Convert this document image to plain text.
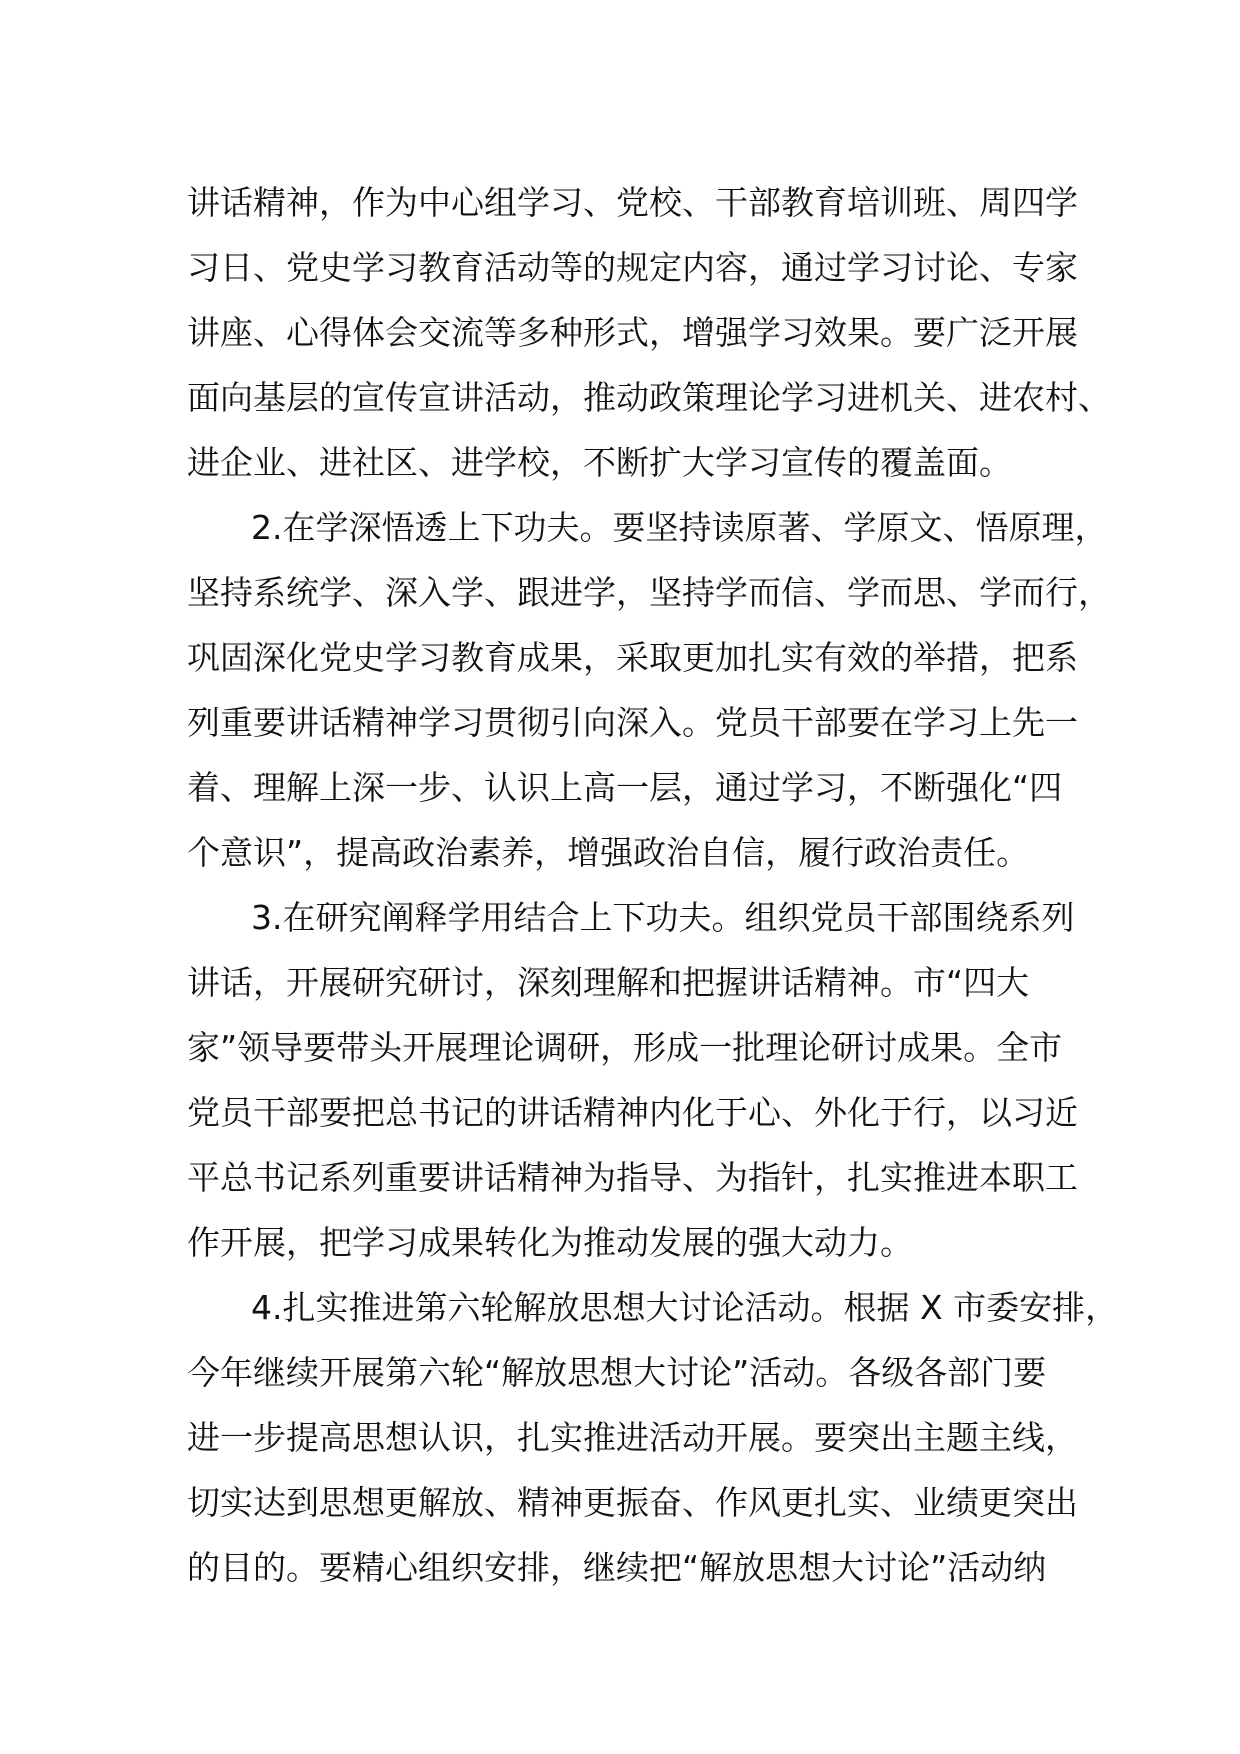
讲话精神，作为中心组学习、党校、干部教育培训班、周四学
习日、党史学习教育活动等的规定内容，通过学习讨论、专家
讲座、心得体会交流等多种形式，增强学习效果。要广泛开展
面向基层的宣传宣讲活动，推动政策理论学习进机关、进农村、
进企业、进社区、进学校，不断扩大学习宣传的覆盖面。
2.在学深悟透上下功夫。要坚持读原著、学原文、悟原理，
坚持系统学、深入学、跟进学，坚持学而信、学而思、学而行，
巩固深化党史学习教育成果，采取更加扎实有效的举措，把系
列重要讲话精神学习贯彻引向深入。党员干部要在学习上先一
着、理解上深一步、认识上高一层，通过学习，不断强化“四
个意识”，提高政治素养，增强政治自信，履行政治责任。
3.在研究阐释学用结合上下功夫。组织党员干部围绕系列
讲话，开展研究研讨，深刻理解和把握讲话精神。市“四大
家”领导要带头开展理论调研，形成一批理论研讨成果。全市
党员干部要把总书记的讲话精神内化于心、外化于行，以习近
平总书记系列重要讲话精神为指导、为指针，扎实推进本职工
作开展，把学习成果转化为推动发展的强大动力。
4.扎实推进第六轮解放思想大讨论活动。根据 X 市委安排，
今年继续开展第六轮“解放思想大讨论”活动。各级各部门要
进一步提高思想认识，扎实推进活动开展。要突出主题主线，
切实达到思想更解放、精神更振奋、作风更扎实、业绩更突出
的目的。要精心组织安排，继续把“解放思想大讨论”活动纳
